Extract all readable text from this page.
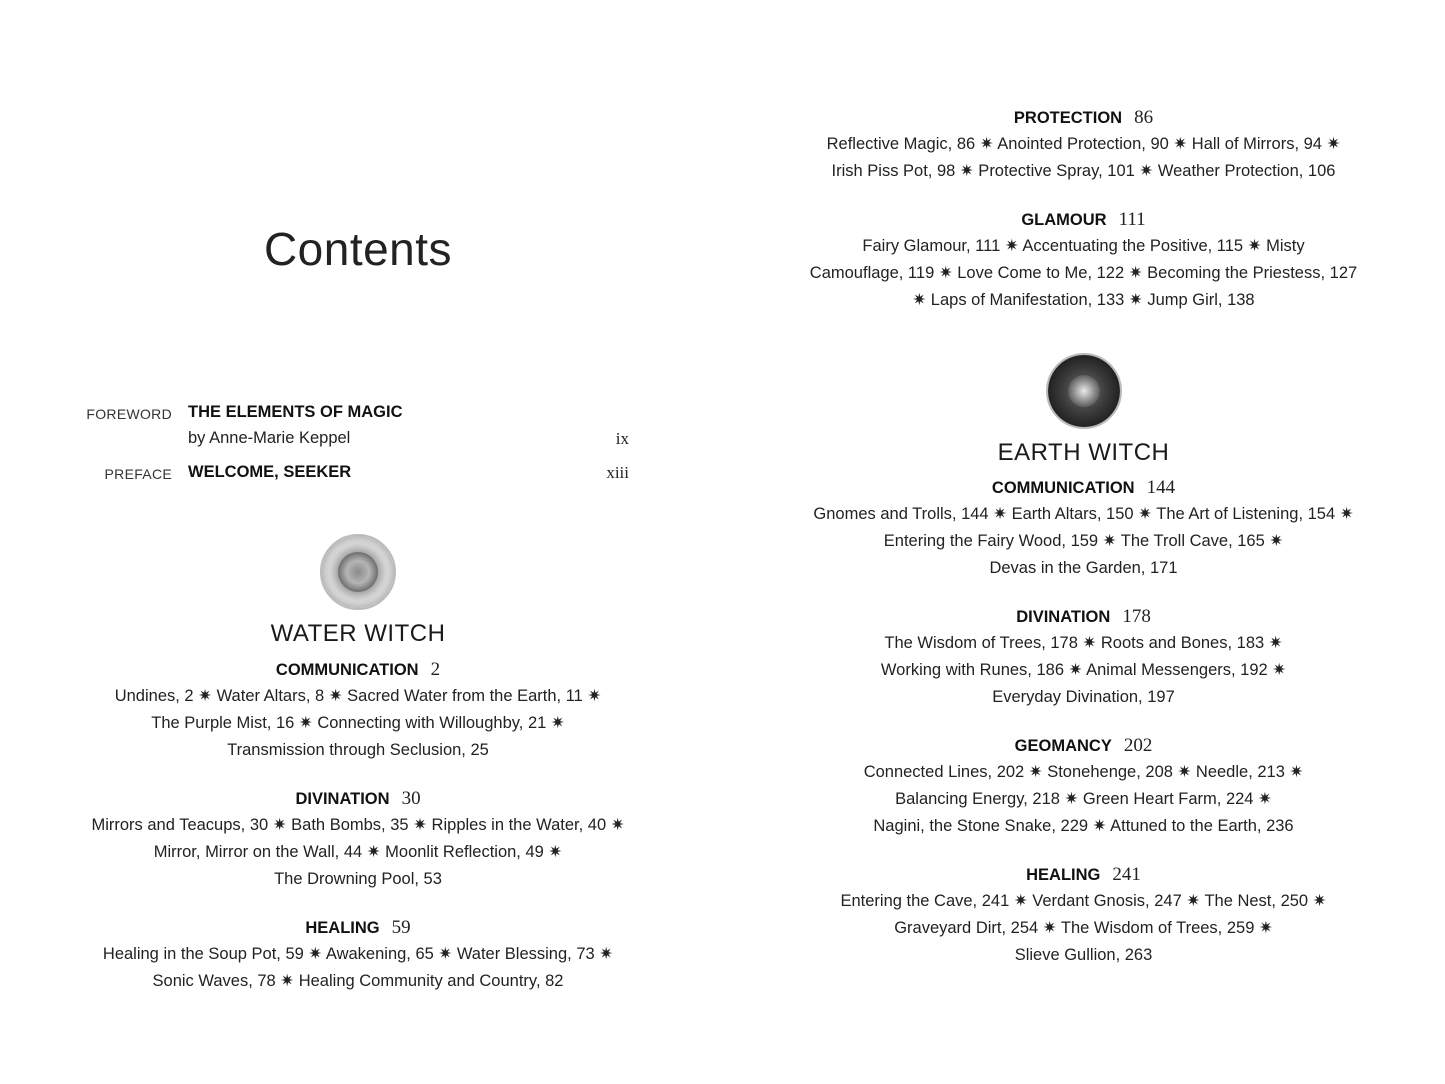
Contents
FOREWORD THE ELEMENTS OF MAGIC
by Anne-Marie Keppel	ix
PREFACE WELCOME, SEEKER	xiii
WATER WITCH
COMMUNICATION 2
Undines, 2 ✷ Water Altars, 8 ✷ Sacred Water from the Earth, 11 ✷
The Purple Mist, 16 ✷ Connecting with Willoughby, 21 ✷
Transmission through Seclusion, 25
DIVINATION 30
Mirrors and Teacups, 30 ✷ Bath Bombs, 35 ✷ Ripples in the Water, 40 ✷
Mirror, Mirror on the Wall, 44 ✷ Moonlit Reflection, 49 ✷
The Drowning Pool, 53
HEALING 59
Healing in the Soup Pot, 59 ✷ Awakening, 65 ✷ Water Blessing, 73 ✷
Sonic Waves, 78 ✷ Healing Community and Country, 82
PROTECTION 86
Reflective Magic, 86 ✷ Anointed Protection, 90 ✷ Hall of Mirrors, 94 ✷
Irish Piss Pot, 98 ✷ Protective Spray, 101 ✷ Weather Protection, 106
GLAMOUR 111
Fairy Glamour, 111 ✷ Accentuating the Positive, 115 ✷ Misty
Camouflage, 119 ✷ Love Come to Me, 122 ✷ Becoming the Priestess, 127
✷ Laps of Manifestation, 133 ✷ Jump Girl, 138
EARTH WITCH
COMMUNICATION 144
Gnomes and Trolls, 144 ✷ Earth Altars, 150 ✷ The Art of Listening, 154 ✷
Entering the Fairy Wood, 159 ✷ The Troll Cave, 165 ✷
Devas in the Garden, 171
DIVINATION 178
The Wisdom of Trees, 178 ✷ Roots and Bones, 183 ✷
Working with Runes, 186 ✷ Animal Messengers, 192 ✷
Everyday Divination, 197
GEOMANCY 202
Connected Lines, 202 ✷ Stonehenge, 208 ✷ Needle, 213 ✷
Balancing Energy, 218 ✷ Green Heart Farm, 224 ✷
Nagini, the Stone Snake, 229 ✷ Attuned to the Earth, 236
HEALING 241
Entering the Cave, 241 ✷ Verdant Gnosis, 247 ✷ The Nest, 250 ✷
Graveyard Dirt, 254 ✷ The Wisdom of Trees, 259 ✷
Slieve Gullion, 263
